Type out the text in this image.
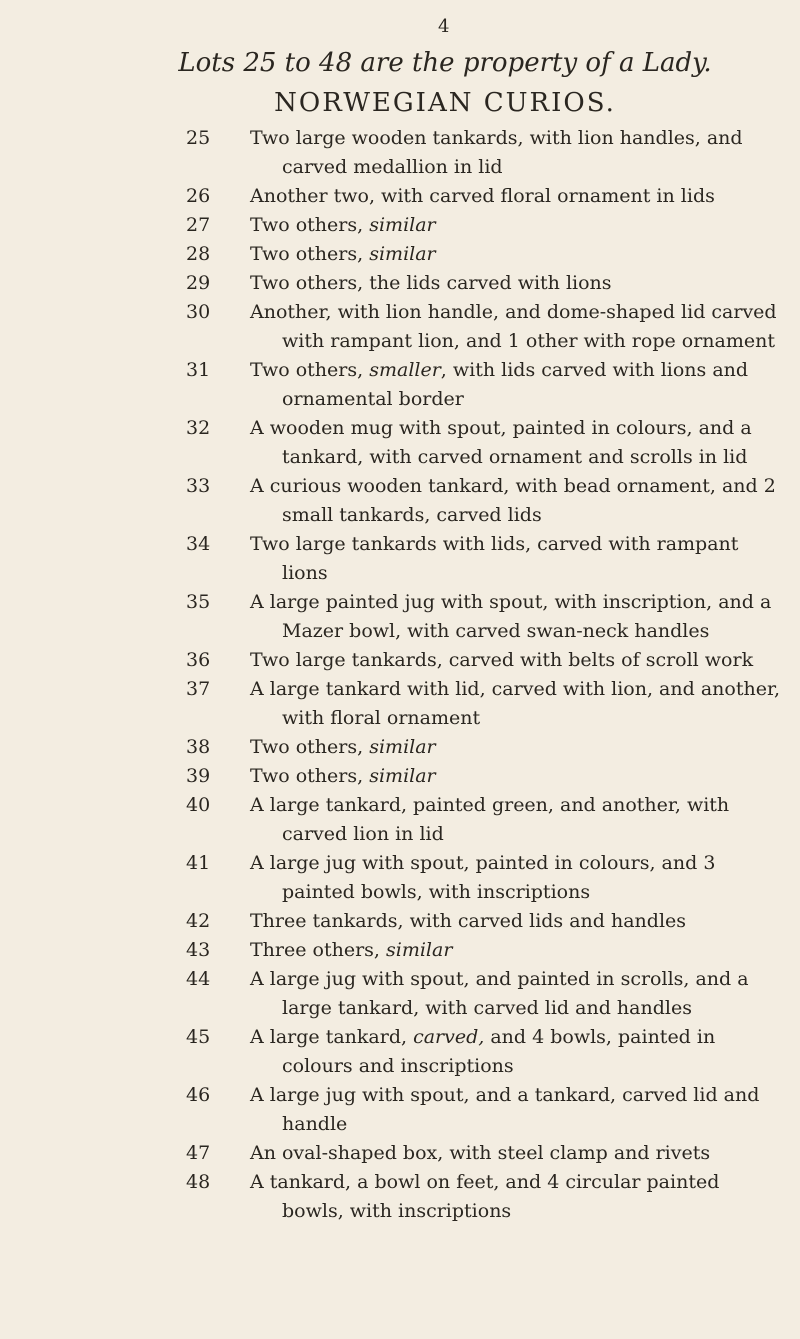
4
Lots 25 to 48 are the property of a Lady.
NORWEGIAN CURIOS.
25	Two large wooden tankards, with lion handles, and carved medallion in lid
26	Another two, with carved floral ornament in lids
27	Two others, similar
28	Two others, similar
29	Two others, the lids carved with lions
30	Another, with lion handle, and dome-shaped lid carved with rampant lion, and 1 other with rope ornament
31	Two others, smaller, with lids carved with lions and ornamental border
32	A wooden mug with spout, painted in colours, and a tankard, with carved ornament and scrolls in lid
33	A curious wooden tankard, with bead ornament, and 2 small tankards, carved lids
34	Two large tankards with lids, carved with rampant lions
35	A large painted jug with spout, with inscription, and a Mazer bowl, with carved swan-neck handles
36	Two large tankards, carved with belts of scroll work
37	A large tankard with lid, carved with lion, and another, with floral ornament
38	Two others, similar
39	Two others, similar
40	A large tankard, painted green, and another, with carved lion in lid
41	A large jug with spout, painted in colours, and 3 painted bowls, with inscriptions
42	Three tankards, with carved lids and handles
43	Three others, similar
44	A large jug with spout, and painted in scrolls, and a large tankard, with carved lid and handles
45	A large tankard, carved, and 4 bowls, painted in colours and inscriptions
46	A large jug with spout, and a tankard, carved lid and handle
47	An oval-shaped box, with steel clamp and rivets
48	A tankard, a bowl on feet, and 4 circular painted bowls, with inscriptions
